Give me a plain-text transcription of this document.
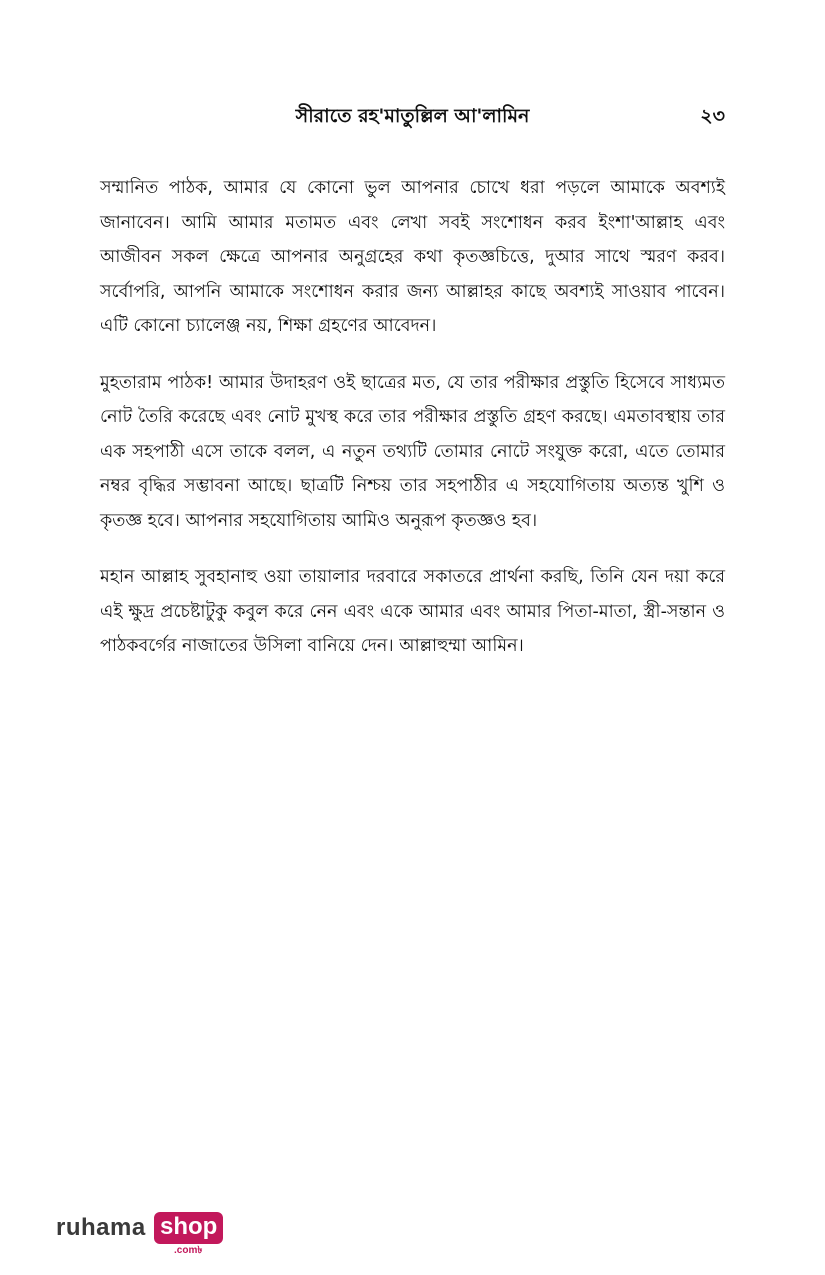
সীরাতে রহ'মাতুল্লিল আ'লামিন	২৩

সম্মানিত পাঠক, আমার যে কোনো ভুল আপনার চোখে ধরা পড়লে আমাকে অবশ্যই জানাবেন। আমি আমার মতামত এবং লেখা সবই সংশোধন করব ইংশা'আল্লাহ এবং আজীবন সকল ক্ষেত্রে আপনার অনুগ্রহের কথা কৃতজ্ঞচিত্তে, দুআর সাথে স্মরণ করব। সর্বোপরি, আপনি আমাকে সংশোধন করার জন্য আল্লাহর কাছে অবশ্যই সাওয়াব পাবেন। এটি কোনো চ্যালেঞ্জ নয়, শিক্ষা গ্রহণের আবেদন।

মুহতারাম পাঠক! আমার উদাহরণ ওই ছাত্রের মত, যে তার পরীক্ষার প্রস্তুতি হিসেবে সাধ্যমত নোট তৈরি করেছে এবং নোট মুখস্থ করে তার পরীক্ষার প্রস্তুতি গ্রহণ করছে। এমতাবস্থায় তার এক সহপাঠী এসে তাকে বলল, এ নতুন তথ্যটি তোমার নোটে সংযুক্ত করো, এতে তোমার নম্বর বৃদ্ধির সম্ভাবনা আছে। ছাত্রটি নিশ্চয় তার সহপাঠীর এ সহযোগিতায় অত্যন্ত খুশি ও কৃতজ্ঞ হবে। আপনার সহযোগিতায় আমিও অনুরূপ কৃতজ্ঞও হব।

মহান আল্লাহ সুবহানাহু ওয়া তায়ালার দরবারে সকাতরে প্রার্থনা করছি, তিনি যেন দয়া করে এই ক্ষুদ্র প্রচেষ্টাটুকু কবুল করে নেন এবং একে আমার এবং আমার পিতা-মাতা, স্ত্রী-সন্তান ও পাঠকবর্গের নাজাতের উসিলা বানিয়ে দেন। আল্লাহুম্মা আমিন।

ruhama shop
.com৳
